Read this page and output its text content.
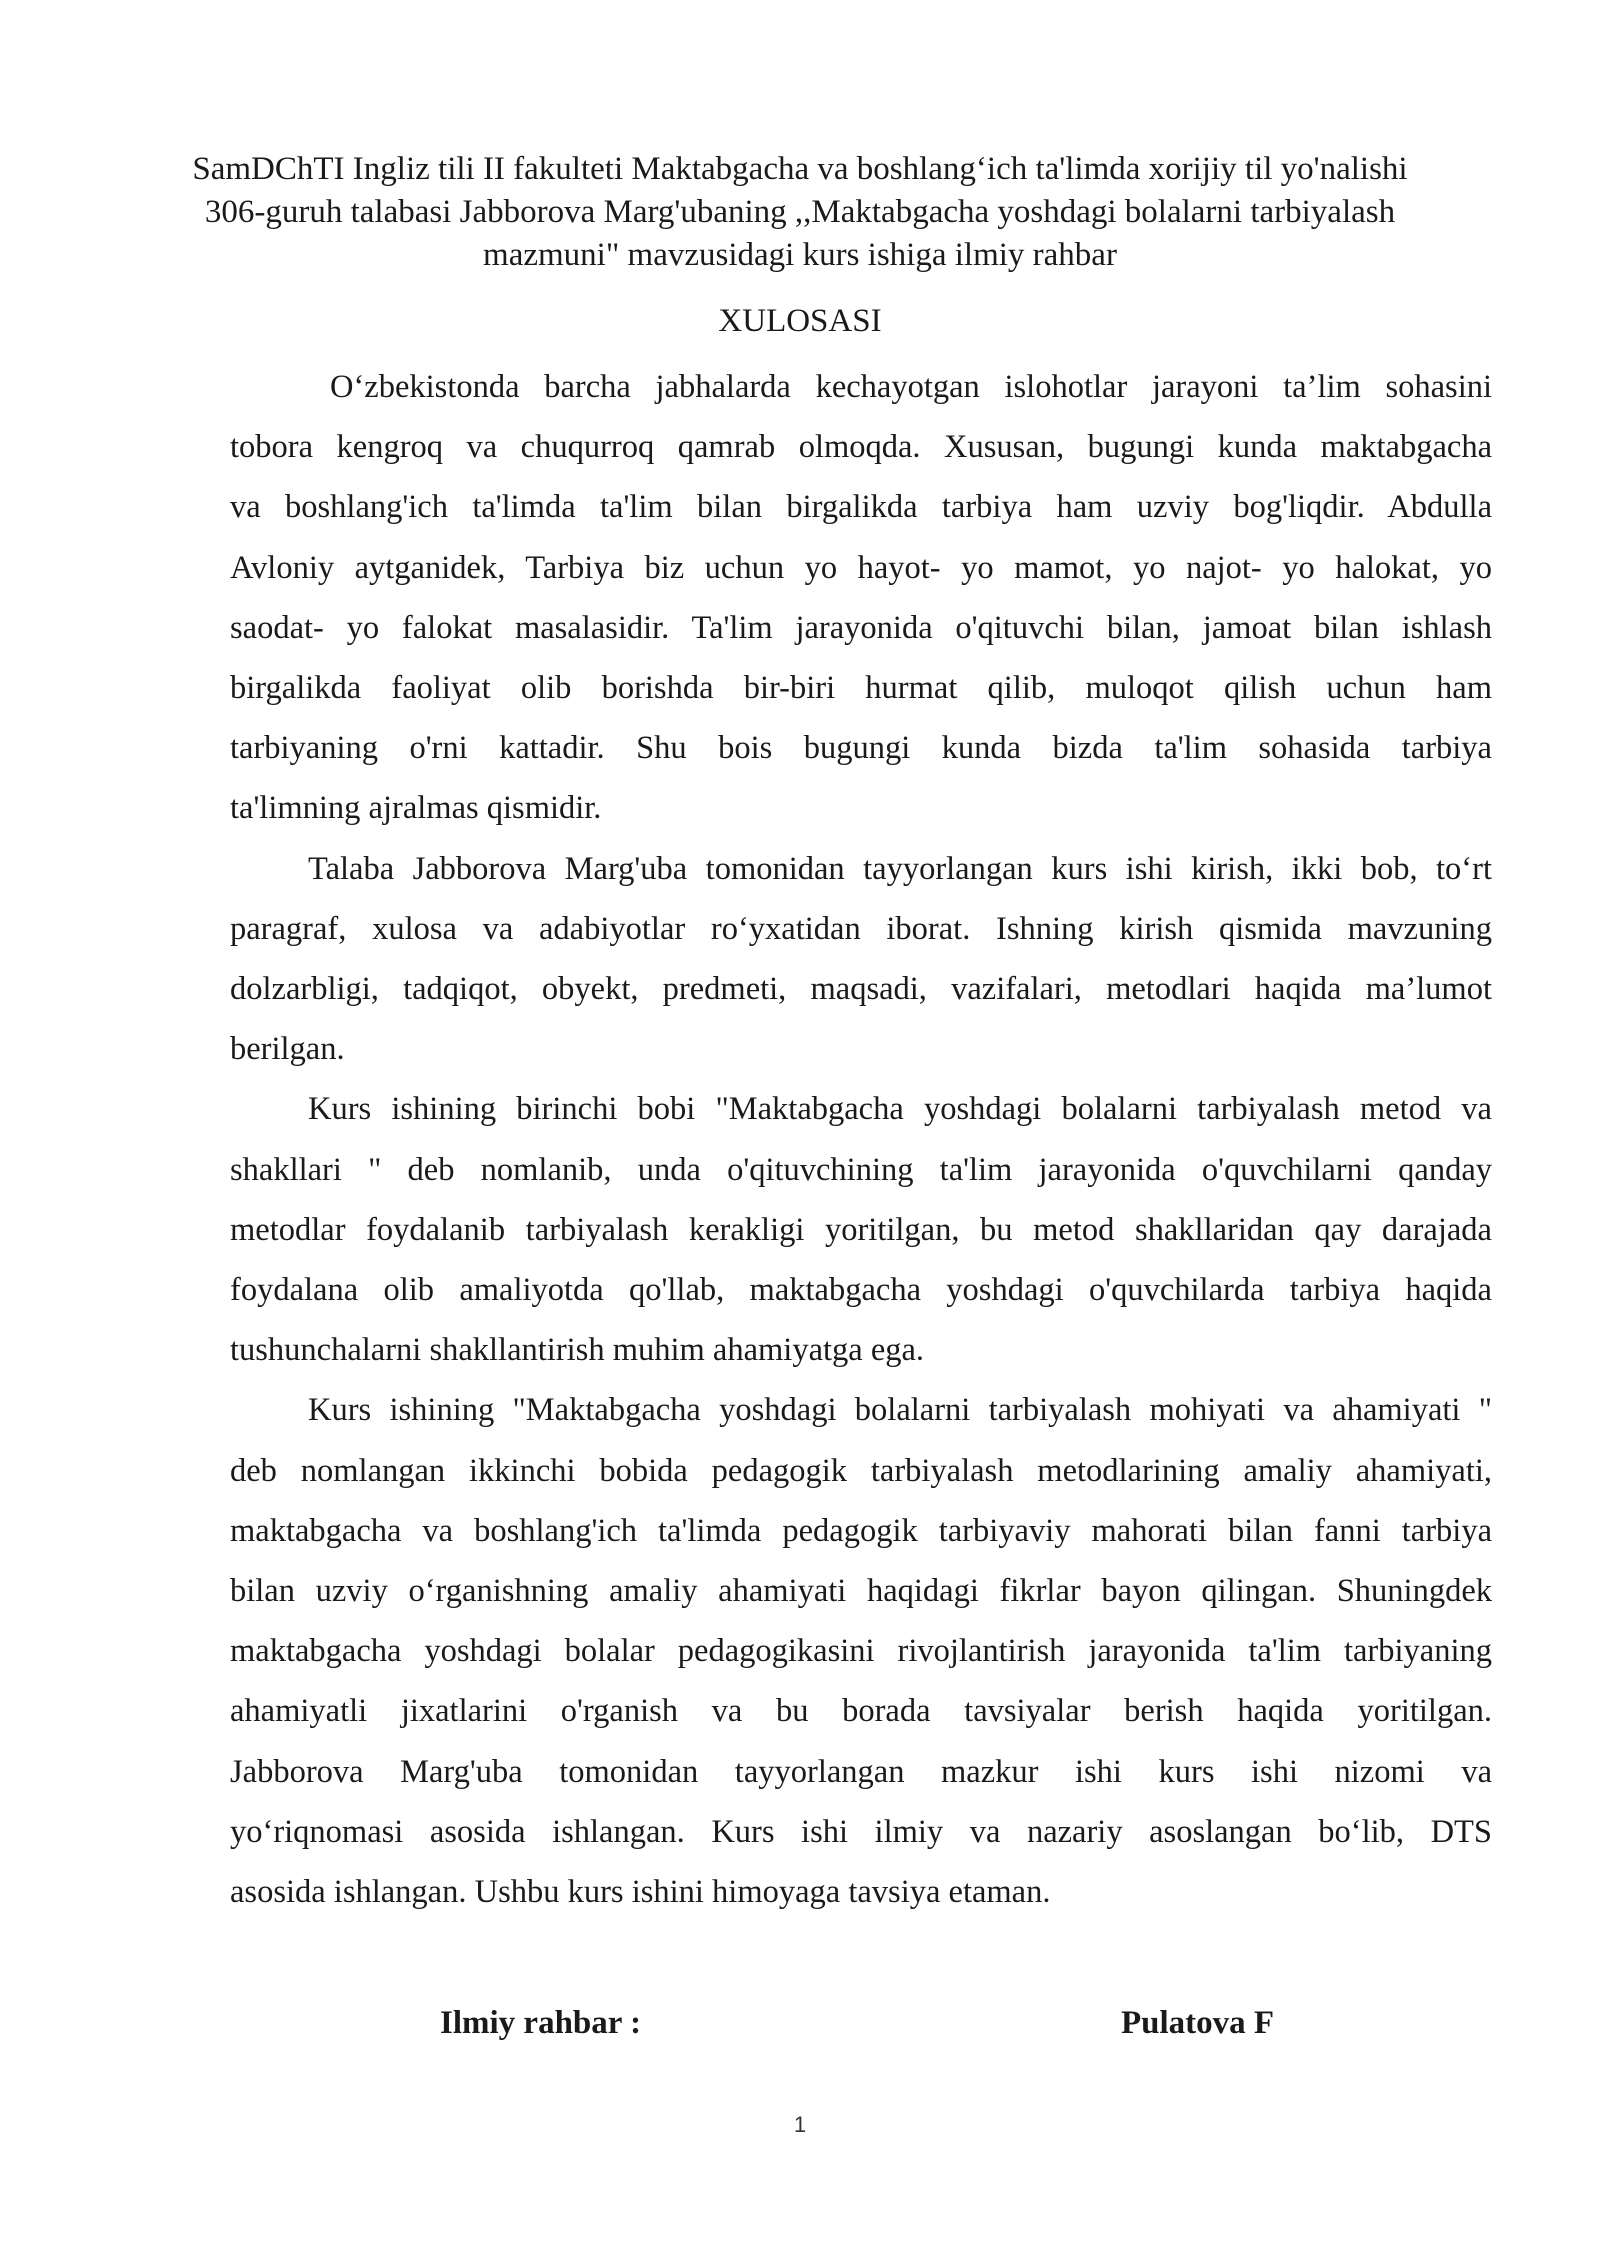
SamDChTI Ingliz tili II fakulteti Maktabgacha va boshlang‘ich ta'limda xorijiy til yo'nalishi
306-guruh talabasi Jabborova Marg'ubaning ,,Maktabgacha yoshdagi bolalarni tarbiyalash
mazmuni" mavzusidagi kurs ishiga ilmiy rahbar
XULOSASI
O‘zbekistonda barcha jabhalarda kechayotgan islohotlar jarayoni ta’lim sohasini
tobora kengroq va chuqurroq qamrab olmoqda. Xususan, bugungi kunda maktabgacha
va boshlang'ich ta'limda ta'lim bilan birgalikda tarbiya ham uzviy bog'liqdir. Abdulla
Avloniy aytganidek, Tarbiya biz uchun yo hayot- yo mamot, yo najot- yo halokat, yo
saodat- yo falokat masalasidir. Ta'lim jarayonida o'qituvchi bilan, jamoat bilan ishlash
birgalikda faoliyat olib borishda bir-biri hurmat qilib, muloqot qilish uchun ham
tarbiyaning o'rni kattadir. Shu bois bugungi kunda bizda ta'lim sohasida tarbiya
ta'limning ajralmas qismidir.
Talaba Jabborova Marg'uba tomonidan tayyorlangan kurs ishi kirish, ikki bob, to‘rt
paragraf, xulosa va adabiyotlar ro‘yxatidan iborat. Ishning kirish qismida mavzuning
dolzarbligi, tadqiqot, obyekt, predmeti, maqsadi, vazifalari, metodlari haqida ma’lumot
berilgan.
Kurs ishining birinchi bobi "Maktabgacha yoshdagi bolalarni tarbiyalash metod va
shakllari " deb nomlanib, unda o'qituvchining ta'lim jarayonida o'quvchilarni qanday
metodlar foydalanib tarbiyalash kerakligi yoritilgan, bu metod shakllaridan qay darajada
foydalana olib amaliyotda qo'llab, maktabgacha yoshdagi o'quvchilarda tarbiya haqida
tushunchalarni shakllantirish muhim ahamiyatga ega.
Kurs ishining "Maktabgacha yoshdagi bolalarni tarbiyalash mohiyati va ahamiyati "
deb nomlangan ikkinchi bobida pedagogik tarbiyalash metodlarining amaliy ahamiyati,
maktabgacha va boshlang'ich ta'limda pedagogik tarbiyaviy mahorati bilan fanni tarbiya
bilan uzviy o‘rganishning amaliy ahamiyati haqidagi fikrlar bayon qilingan. Shuningdek
maktabgacha yoshdagi bolalar pedagogikasini rivojlantirish jarayonida ta'lim tarbiyaning
ahamiyatli jixatlarini o'rganish va bu borada tavsiyalar berish haqida yoritilgan.
Jabborova Marg'uba tomonidan tayyorlangan mazkur ishi kurs ishi nizomi va
yo‘riqnomasi asosida ishlangan. Kurs ishi ilmiy va nazariy asoslangan bo‘lib, DTS
asosida ishlangan. Ushbu kurs ishini himoyaga tavsiya etaman.
Ilmiy rahbar :	Pulatova F
1
